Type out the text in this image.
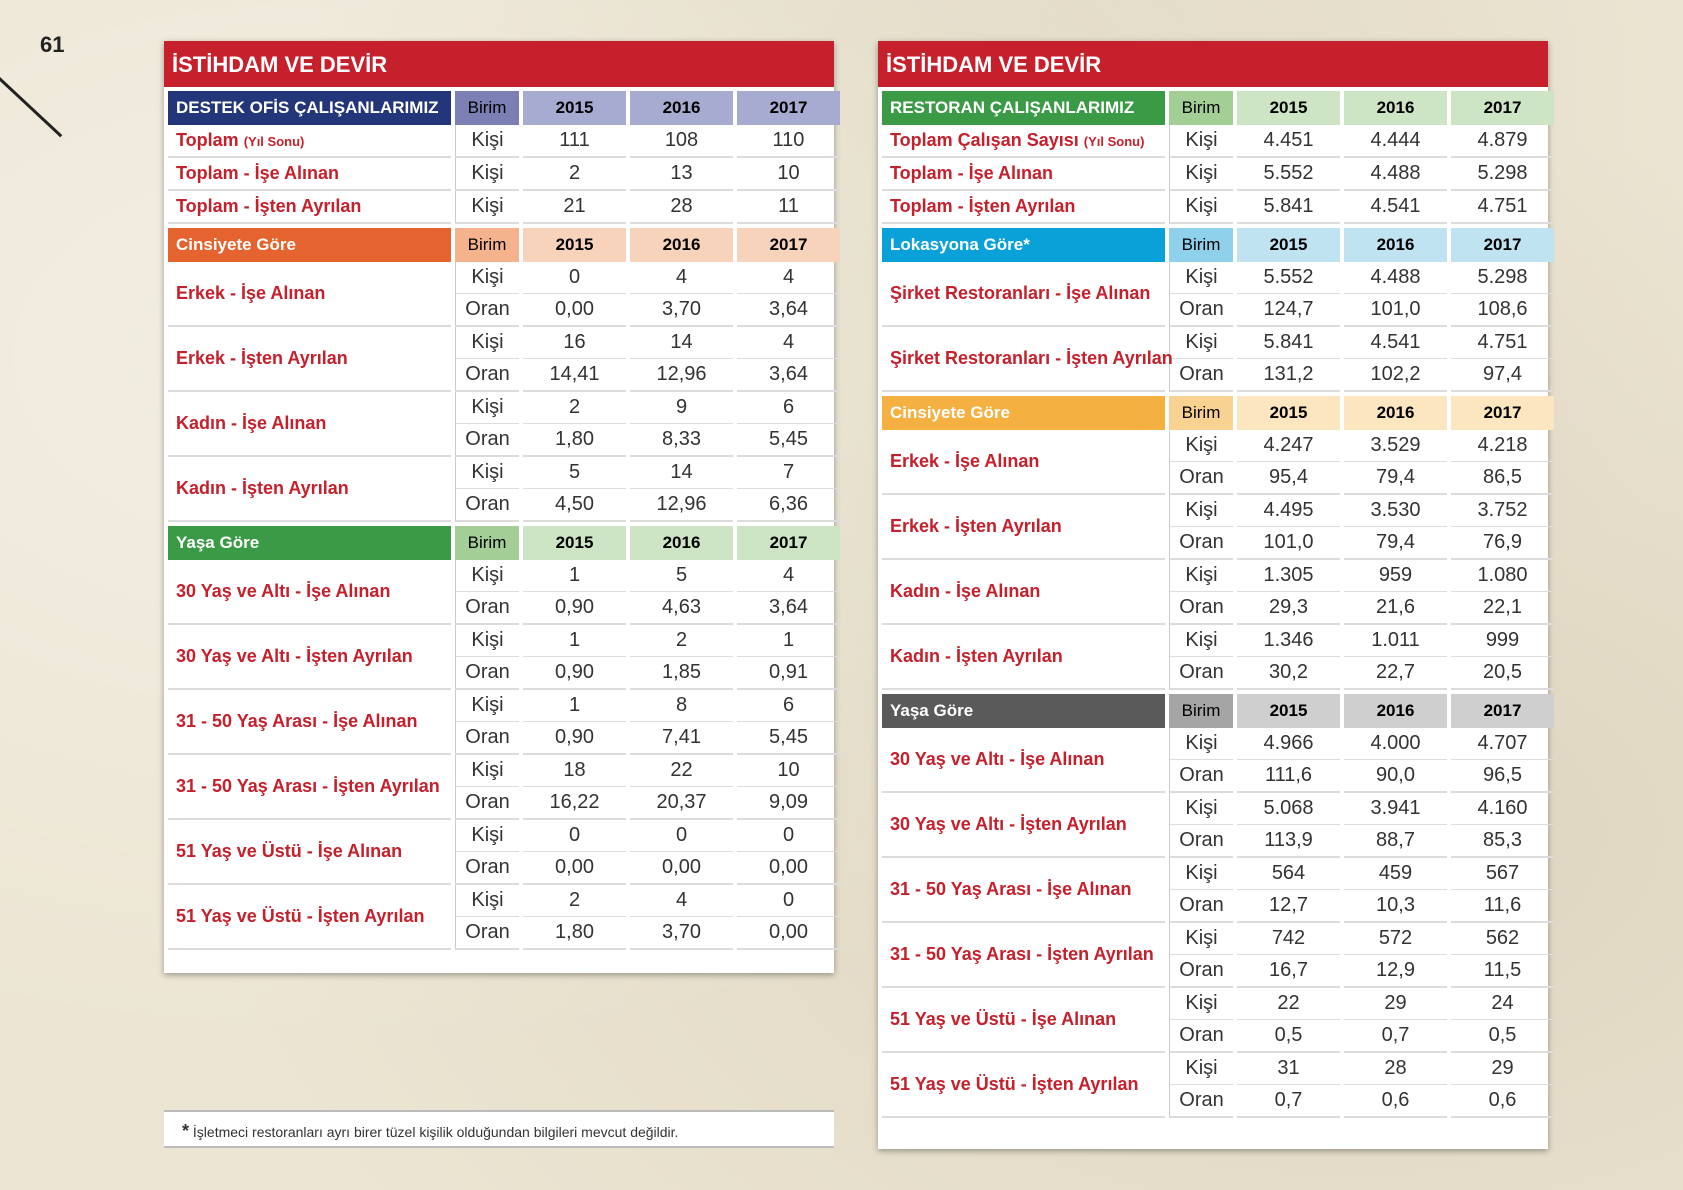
61
İSTİHDAM VE DEVİR
DESTEK OFİS ÇALIŞANLARIMIZ	Birim	2015	2016	2017
Toplam (Yıl Sonu)	Kişi	111	108	110
Toplam - İşe Alınan	Kişi	2	13	10
Toplam - İşten Ayrılan	Kişi	21	28	11

Cinsiyete Göre	Birim	2015	2016	2017
Erkek - İşe Alınan	Kişi	0	4	4
	Oran	0,00	3,70	3,64
Erkek - İşten Ayrılan	Kişi	16	14	4
	Oran	14,41	12,96	3,64
Kadın - İşe Alınan	Kişi	2	9	6
	Oran	1,80	8,33	5,45
Kadın - İşten Ayrılan	Kişi	5	14	7
	Oran	4,50	12,96	6,36

Yaşa Göre	Birim	2015	2016	2017
30 Yaş ve Altı - İşe Alınan	Kişi	1	5	4
	Oran	0,90	4,63	3,64
30 Yaş ve Altı - İşten Ayrılan	Kişi	1	2	1
	Oran	0,90	1,85	0,91
31 - 50 Yaş Arası - İşe Alınan	Kişi	1	8	6
	Oran	0,90	7,41	5,45
31 - 50 Yaş Arası - İşten Ayrılan	Kişi	18	22	10
	Oran	16,22	20,37	9,09
51 Yaş ve Üstü - İşe Alınan	Kişi	0	0	0
	Oran	0,00	0,00	0,00
51 Yaş ve Üstü - İşten Ayrılan	Kişi	2	4	0
	Oran	1,80	3,70	0,00
İSTİHDAM VE DEVİR
RESTORAN ÇALIŞANLARIMIZ	Birim	2015	2016	2017
Toplam Çalışan Sayısı (Yıl Sonu)	Kişi	4.451	4.444	4.879
Toplam - İşe Alınan	Kişi	5.552	4.488	5.298
Toplam - İşten Ayrılan	Kişi	5.841	4.541	4.751

Lokasyona Göre*	Birim	2015	2016	2017
Şirket Restoranları - İşe Alınan	Kişi	5.552	4.488	5.298
	Oran	124,7	101,0	108,6
Şirket Restoranları - İşten Ayrılan	Kişi	5.841	4.541	4.751
	Oran	131,2	102,2	97,4

Cinsiyete Göre	Birim	2015	2016	2017
Erkek - İşe Alınan	Kişi	4.247	3.529	4.218
	Oran	95,4	79,4	86,5
Erkek - İşten Ayrılan	Kişi	4.495	3.530	3.752
	Oran	101,0	79,4	76,9
Kadın - İşe Alınan	Kişi	1.305	959	1.080
	Oran	29,3	21,6	22,1
Kadın - İşten Ayrılan	Kişi	1.346	1.011	999
	Oran	30,2	22,7	20,5

Yaşa Göre	Birim	2015	2016	2017
30 Yaş ve Altı - İşe Alınan	Kişi	4.966	4.000	4.707
	Oran	111,6	90,0	96,5
30 Yaş ve Altı - İşten Ayrılan	Kişi	5.068	3.941	4.160
	Oran	113,9	88,7	85,3
31 - 50 Yaş Arası - İşe Alınan	Kişi	564	459	567
	Oran	12,7	10,3	11,6
31 - 50 Yaş Arası - İşten Ayrılan	Kişi	742	572	562
	Oran	16,7	12,9	11,5
51 Yaş ve Üstü - İşe Alınan	Kişi	22	29	24
	Oran	0,5	0,7	0,5
51 Yaş ve Üstü - İşten Ayrılan	Kişi	31	28	29
	Oran	0,7	0,6	0,6
* İşletmeci restoranları ayrı birer tüzel kişilik olduğundan bilgileri mevcut değildir.
